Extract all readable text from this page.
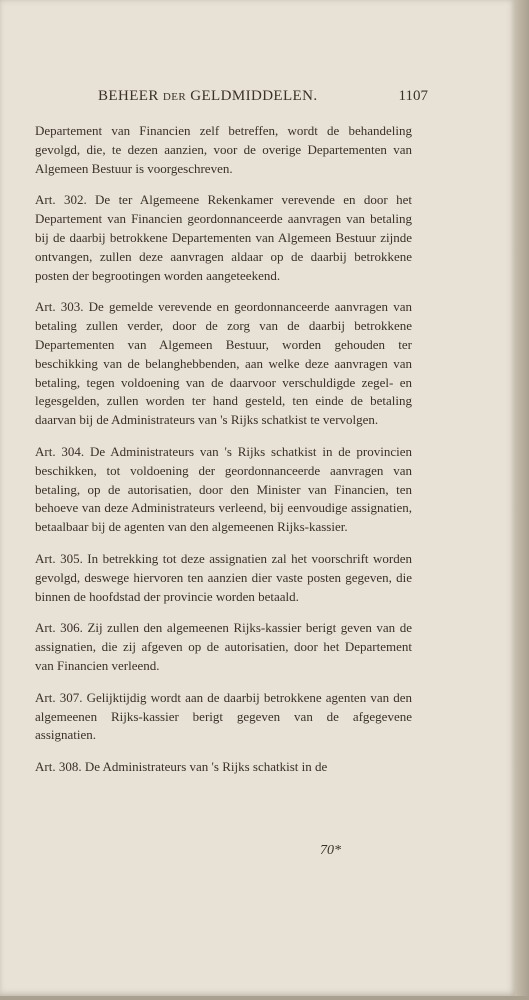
BEHEER DER GELDMIDDELEN.	1107

Departement van Financien zelf betreffen, wordt de behandeling gevolgd, die, te dezen aanzien, voor de overige Departementen van Algemeen Bestuur is voorgeschreven.

Art. 302. De ter Algemeene Rekenkamer verevende en door het Departement van Financien geordonnanceerde aanvragen van betaling bij de daarbij betrokkene Departementen van Algemeen Bestuur zijnde ontvangen, zullen deze aanvragen aldaar op de daarbij betrokkene posten der begrootingen worden aangeteekend.

Art. 303. De gemelde verevende en geordonnanceerde aanvragen van betaling zullen verder, door de zorg van de daarbij betrokkene Departementen van Algemeen Bestuur, worden gehouden ter beschikking van de belanghebbenden, aan welke deze aanvragen van betaling, tegen voldoening van de daarvoor verschuldigde zegel- en legesgelden, zullen worden ter hand gesteld, ten einde de betaling daarvan bij de Administrateurs van 's Rijks schatkist te vervolgen.

Art. 304. De Administrateurs van 's Rijks schatkist in de provincien beschikken, tot voldoening der geordonnanceerde aanvragen van betaling, op de autorisatien, door den Minister van Financien, ten behoeve van deze Administrateurs verleend, bij eenvoudige assignatien, betaalbaar bij de agenten van den algemeenen Rijks-kassier.

Art. 305. In betrekking tot deze assignatien zal het voorschrift worden gevolgd, deswege hiervoren ten aanzien dier vaste posten gegeven, die binnen de hoofdstad der provincie worden betaald.

Art. 306. Zij zullen den algemeenen Rijks-kassier berigt geven van de assignatien, die zij afgeven op de autorisatien, door het Departement van Financien verleend.

Art. 307. Gelijktijdig wordt aan de daarbij betrokkene agenten van den algemeenen Rijks-kassier berigt gegeven van de afgegevene assignatien.

Art. 308. De Administrateurs van 's Rijks schatkist in de

70*
